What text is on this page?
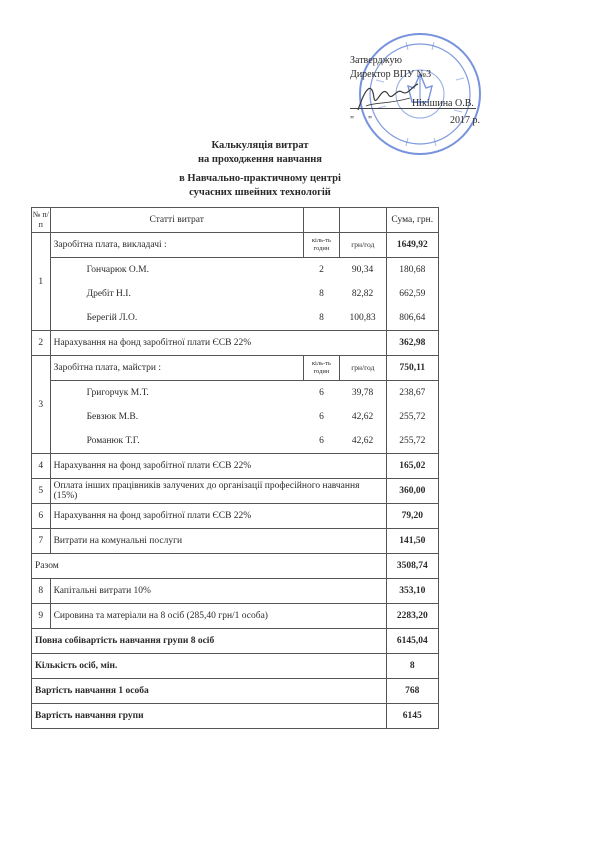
Затверджую
Директор ВПУ №3
Нікішина О.В.
" "	2017 р.
Калькуляція витрат
на проходження навчання
в Навчально-практичному центрі
сучасних швейних технологій
№ п/п	Статті витрат			Сума, грн.
1	Заробітна плата, викладачі :	кіль-ть годин	грн/год	1649,92
	Гончарюк О.М.	2	90,34	180,68
	Дребіт Н.І.	8	82,82	662,59
	Берегій Л.О.	8	100,83	806,64
2	Нарахування на фонд заробітної плати ЄСВ 22%			362,98
3	Заробітна плата, майстри :	кіль-ть годин	грн/год	750,11
	Григорчук М.Т.	6	39,78	238,67
	Бевзюк М.В.	6	42,62	255,72
	Романюк Т.Г.	6	42,62	255,72
4	Нарахування на фонд заробітної плати ЄСВ 22%			165,02
5	Оплата інших працівників залучених до організації професійного навчання (15%)			360,00
6	Нарахування на фонд заробітної плати ЄСВ 22%			79,20
7	Витрати на комунальні послуги			141,50
Разом				3508,74
8	Капітальні витрати 10%			353,10
9	Сировина та матеріали на 8 осіб (285,40 грн/1 особа)			2283,20
Повна собівартість навчання групи 8 осіб				6145,04
Кількість осіб, мін.				8
Вартість навчання 1 особа				768
Вартість навчання групи				6145
